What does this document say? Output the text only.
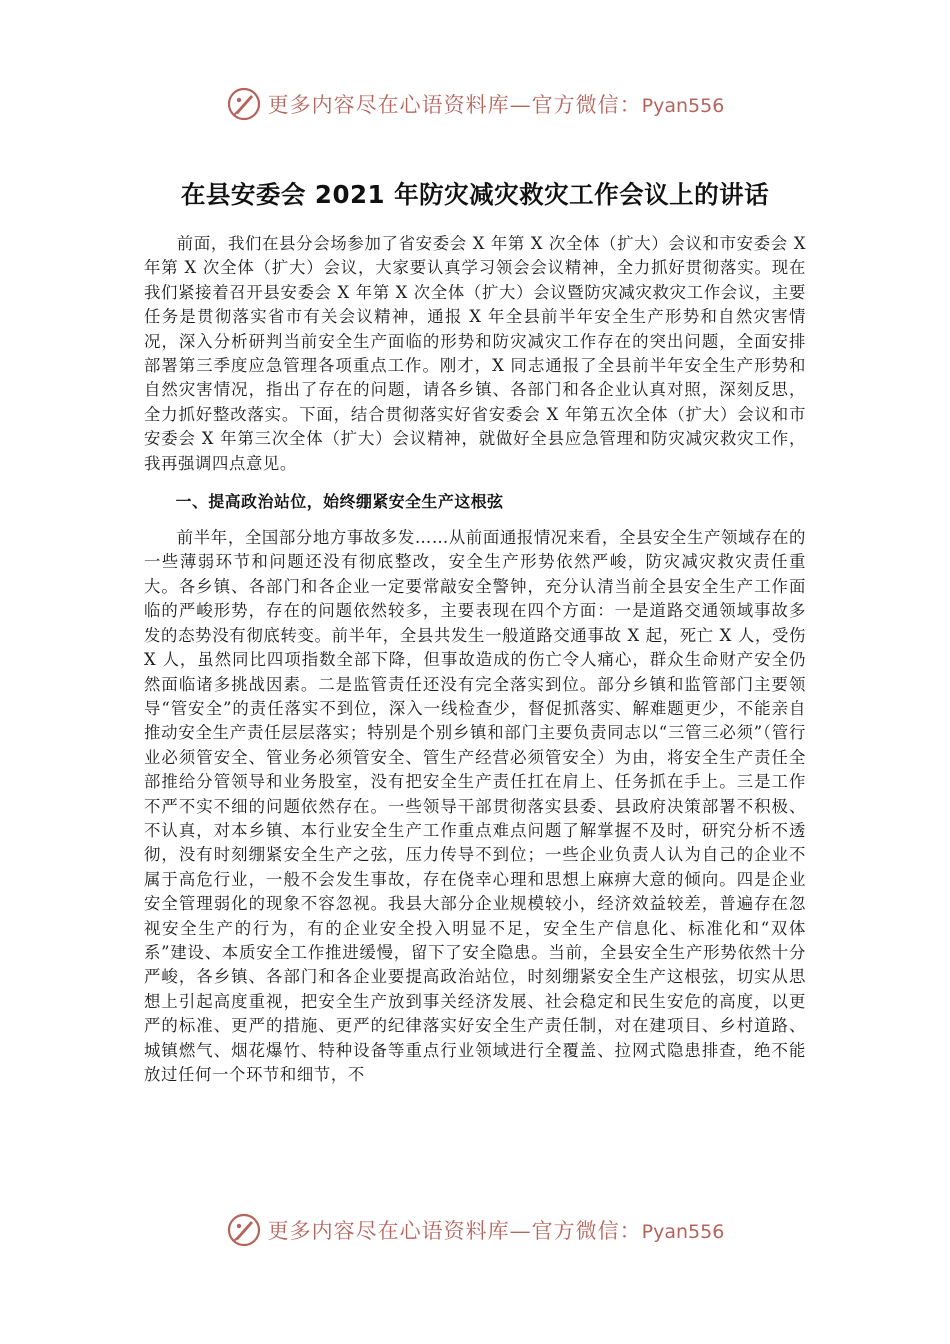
更多内容尽在心语资料库—官方微信：Pyan556
在县安委会 2021 年防灾减灾救灾工作会议上的讲话

前面，我们在县分会场参加了省安委会 X 年第 X 次全体（扩大）会议和市安委会 X 年第 X 次全体（扩大）会议，大家要认真学习领会会议精神，全力抓好贯彻落实。现在我们紧接着召开县安委会 X 年第 X 次全体（扩大）会议暨防灾减灾救灾工作会议，主要任务是贯彻落实省市有关会议精神，通报 X 年全县前半年安全生产形势和自然灾害情况，深入分析研判当前安全生产面临的形势和防灾减灾工作存在的突出问题，全面安排部署第三季度应急管理各项重点工作。刚才，X 同志通报了全县前半年安全生产形势和自然灾害情况，指出了存在的问题，请各乡镇、各部门和各企业认真对照，深刻反思，全力抓好整改落实。下面，结合贯彻落实好省安委会 X 年第五次全体（扩大）会议和市安委会 X 年第三次全体（扩大）会议精神，就做好全县应急管理和防灾减灾救灾工作，我再强调四点意见。

一、提高政治站位，始终绷紧安全生产这根弦

前半年，全国部分地方事故多发……从前面通报情况来看，全县安全生产领域存在的一些薄弱环节和问题还没有彻底整改，安全生产形势依然严峻，防灾减灾救灾责任重大。各乡镇、各部门和各企业一定要常敲安全警钟，充分认清当前全县安全生产工作面临的严峻形势，存在的问题依然较多，主要表现在四个方面：一是道路交通领域事故多发的态势没有彻底转变。前半年，全县共发生一般道路交通事故 X 起，死亡 X 人，受伤 X 人，虽然同比四项指数全部下降，但事故造成的伤亡令人痛心，群众生命财产安全仍然面临诸多挑战因素。二是监管责任还没有完全落实到位。部分乡镇和监管部门主要领导“管安全”的责任落实不到位，深入一线检查少，督促抓落实、解难题更少，不能亲自推动安全生产责任层层落实；特别是个别乡镇和部门主要负责同志以“三管三必须”（管行业必须管安全、管业务必须管安全、管生产经营必须管安全）为由，将安全生产责任全部推给分管领导和业务股室，没有把安全生产责任扛在肩上、任务抓在手上。三是工作不严不实不细的问题依然存在。一些领导干部贯彻落实县委、县政府决策部署不积极、不认真，对本乡镇、本行业安全生产工作重点难点问题了解掌握不及时，研究分析不透彻，没有时刻绷紧安全生产之弦，压力传导不到位；一些企业负责人认为自己的企业不属于高危行业，一般不会发生事故，存在侥幸心理和思想上麻痹大意的倾向。四是企业安全管理弱化的现象不容忽视。我县大部分企业规模较小，经济效益较差，普遍存在忽视安全生产的行为，有的企业安全投入明显不足，安全生产信息化、标准化和“双体系”建设、本质安全工作推进缓慢，留下了安全隐患。当前，全县安全生产形势依然十分严峻，各乡镇、各部门和各企业要提高政治站位，时刻绷紧安全生产这根弦，切实从思想上引起高度重视，把安全生产放到事关经济发展、社会稳定和民生安危的高度，以更严的标准、更严的措施、更严的纪律落实好安全生产责任制，对在建项目、乡村道路、城镇燃气、烟花爆竹、特种设备等重点行业领域进行全覆盖、拉网式隐患排查，绝不能放过任何一个环节和细节，不

更多内容尽在心语资料库—官方微信：Pyan556
